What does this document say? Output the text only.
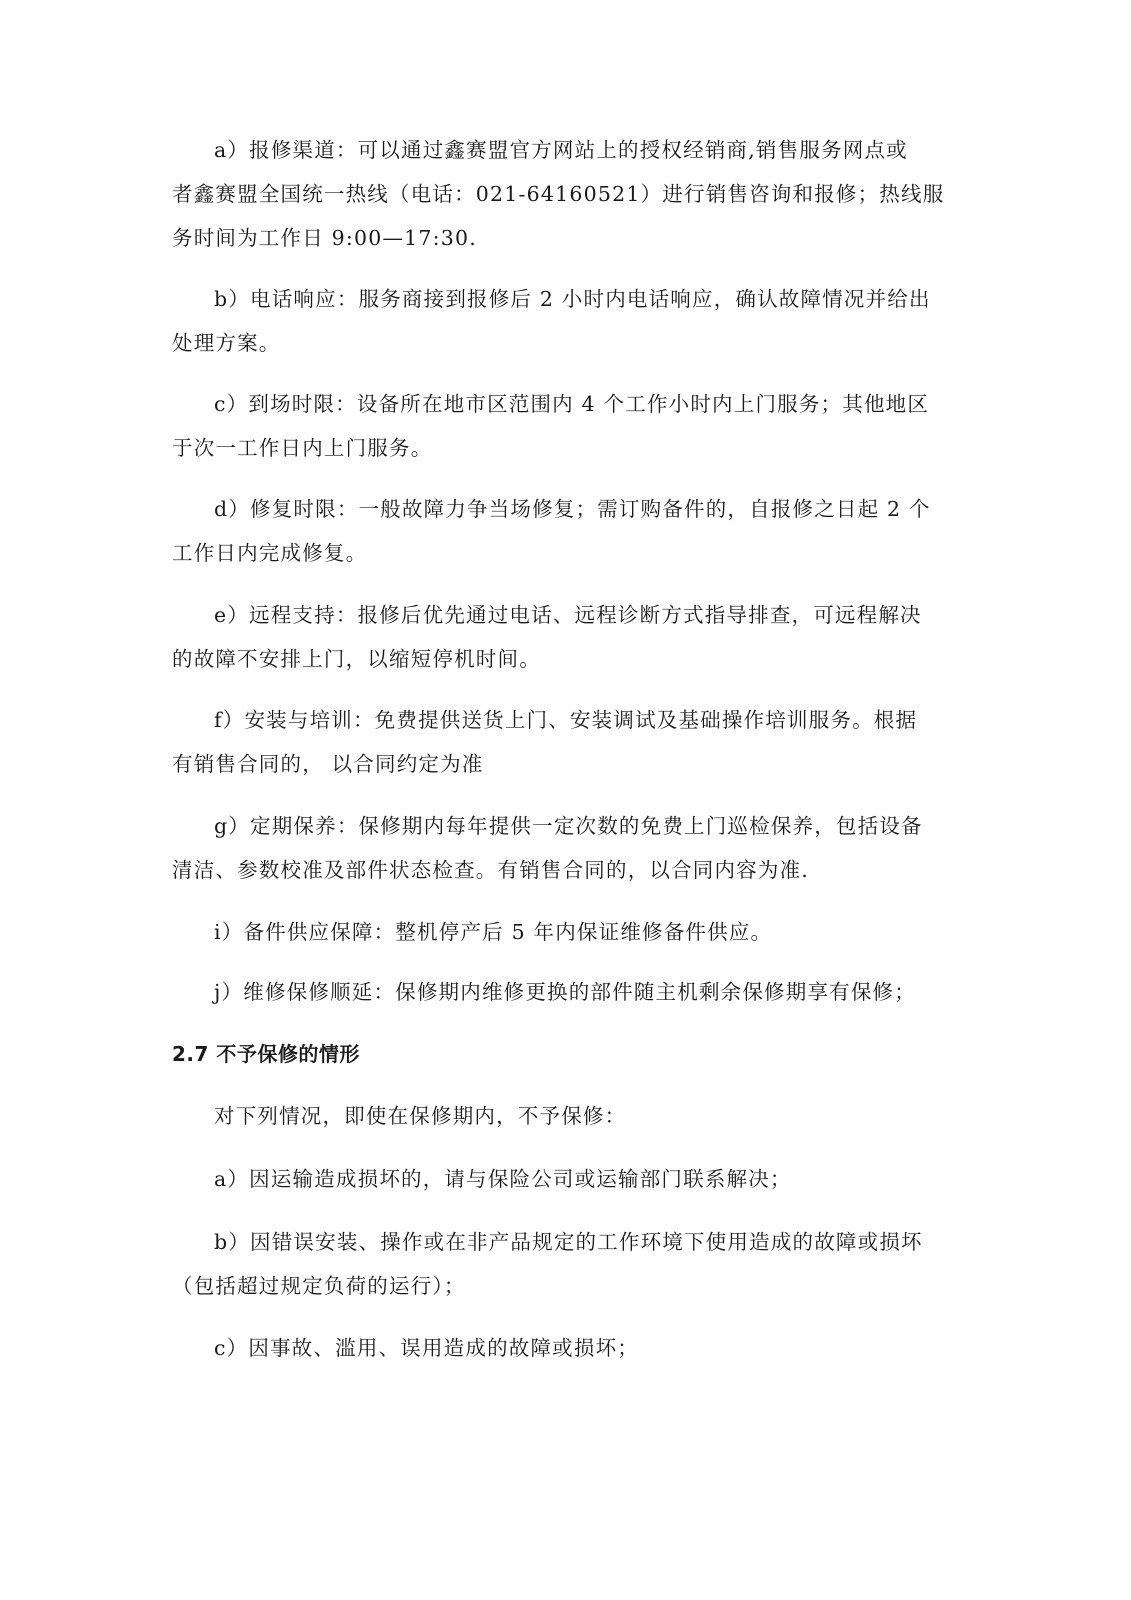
a）报修渠道：可以通过鑫赛盟官方网站上的授权经销商,销售服务网点或
者鑫赛盟全国统一热线（电话：021-64160521）进行销售咨询和报修；热线服
务时间为工作日 9:00—17:30.

b）电话响应：服务商接到报修后 2 小时内电话响应，确认故障情况并给出
处理方案。

c）到场时限：设备所在地市区范围内 4 个工作小时内上门服务；其他地区
于次一工作日内上门服务。

d）修复时限：一般故障力争当场修复；需订购备件的，自报修之日起 2 个
工作日内完成修复。

e）远程支持：报修后优先通过电话、远程诊断方式指导排查，可远程解决
的故障不安排上门，以缩短停机时间。

f）安装与培训：免费提供送货上门、安装调试及基础操作培训服务。根据
有销售合同的， 以合同约定为准

g）定期保养：保修期内每年提供一定次数的免费上门巡检保养，包括设备
清洁、参数校准及部件状态检查。有销售合同的，以合同内容为准.

i）备件供应保障：整机停产后 5 年内保证维修备件供应。

j）维修保修顺延：保修期内维修更换的部件随主机剩余保修期享有保修；

2.7 不予保修的情形

对下列情况，即使在保修期内，不予保修：

a）因运输造成损坏的，请与保险公司或运输部门联系解决；

b）因错误安装、操作或在非产品规定的工作环境下使用造成的故障或损坏
（包括超过规定负荷的运行）；

c）因事故、滥用、误用造成的故障或损坏；
